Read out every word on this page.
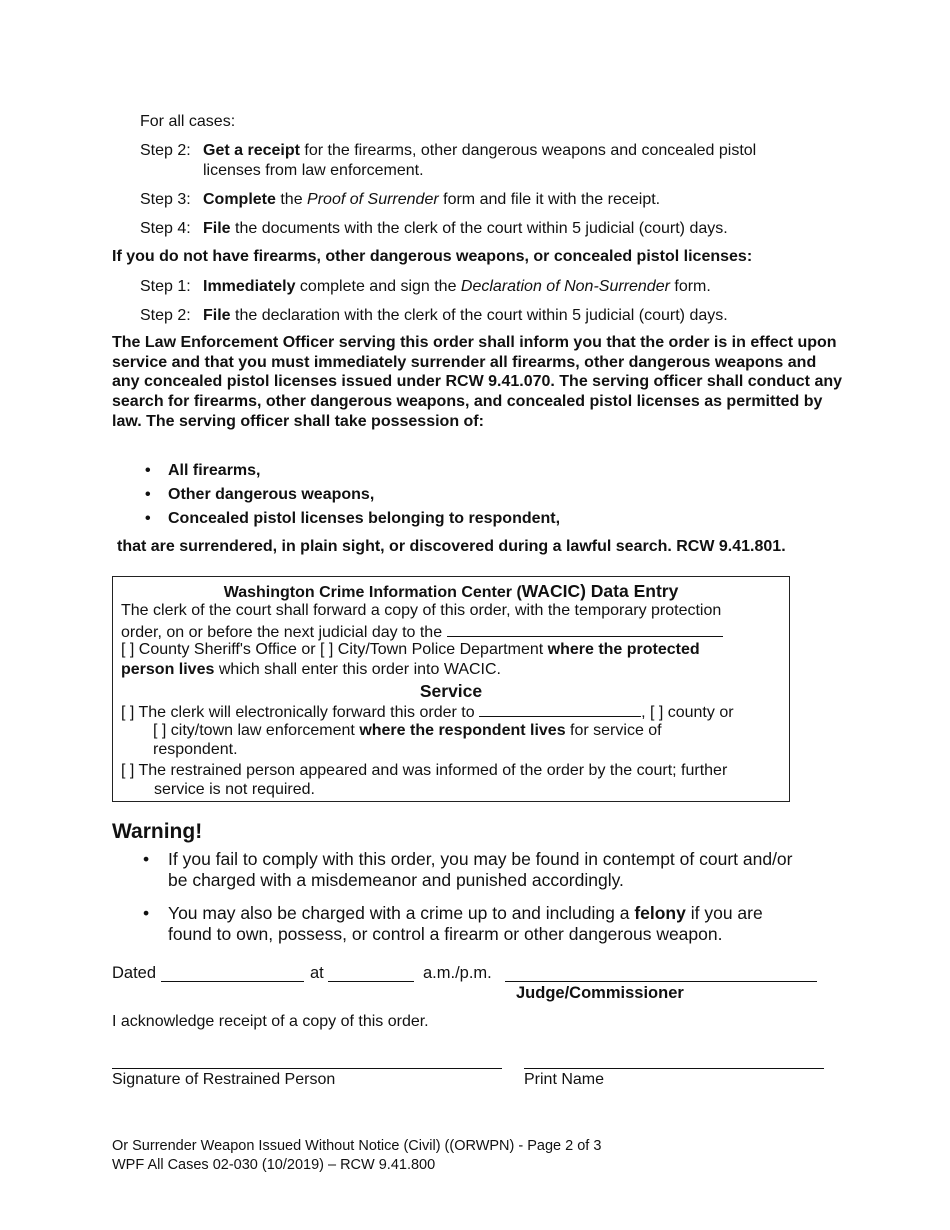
For all cases:
Step 2: Get a receipt for the firearms, other dangerous weapons and concealed pistol
licenses from law enforcement.
Step 3: Complete the Proof of Surrender form and file it with the receipt.
Step 4: File the documents with the clerk of the court within 5 judicial (court) days.
If you do not have firearms, other dangerous weapons, or concealed pistol licenses:
Step 1: Immediately complete and sign the Declaration of Non-Surrender form.
Step 2: File the declaration with the clerk of the court within 5 judicial (court) days.
The Law Enforcement Officer serving this order shall inform you that the order is in effect upon service and that you must immediately surrender all firearms, other dangerous weapons and any concealed pistol licenses issued under RCW 9.41.070. The serving officer shall conduct any search for firearms, other dangerous weapons, and concealed pistol licenses as permitted by law. The serving officer shall take possession of:
• All firearms,
• Other dangerous weapons,
• Concealed pistol licenses belonging to respondent,
that are surrendered, in plain sight, or discovered during a lawful search. RCW 9.41.801.
Washington Crime Information Center (WACIC) Data Entry
The clerk of the court shall forward a copy of this order, with the temporary protection
order, on or before the next judicial day to the
[ ] County Sheriff's Office or [ ] City/Town Police Department where the protected
person lives which shall enter this order into WACIC.
Service
[ ] The clerk will electronically forward this order to	, [ ] county or
[ ] city/town law enforcement where the respondent lives for service of
respondent.
[ ] The restrained person appeared and was informed of the order by the court; further
service is not required.
Warning!
• If you fail to comply with this order, you may be found in contempt of court and/or
be charged with a misdemeanor and punished accordingly.
• You may also be charged with a crime up to and including a felony if you are
found to own, possess, or control a firearm or other dangerous weapon.
Dated	at	a.m./p.m.
Judge/Commissioner
I acknowledge receipt of a copy of this order.
Signature of Restrained Person	Print Name
Or Surrender Weapon Issued Without Notice (Civil) ((ORWPN) - Page 2 of 3
WPF All Cases 02-030 (10/2019) – RCW 9.41.800
